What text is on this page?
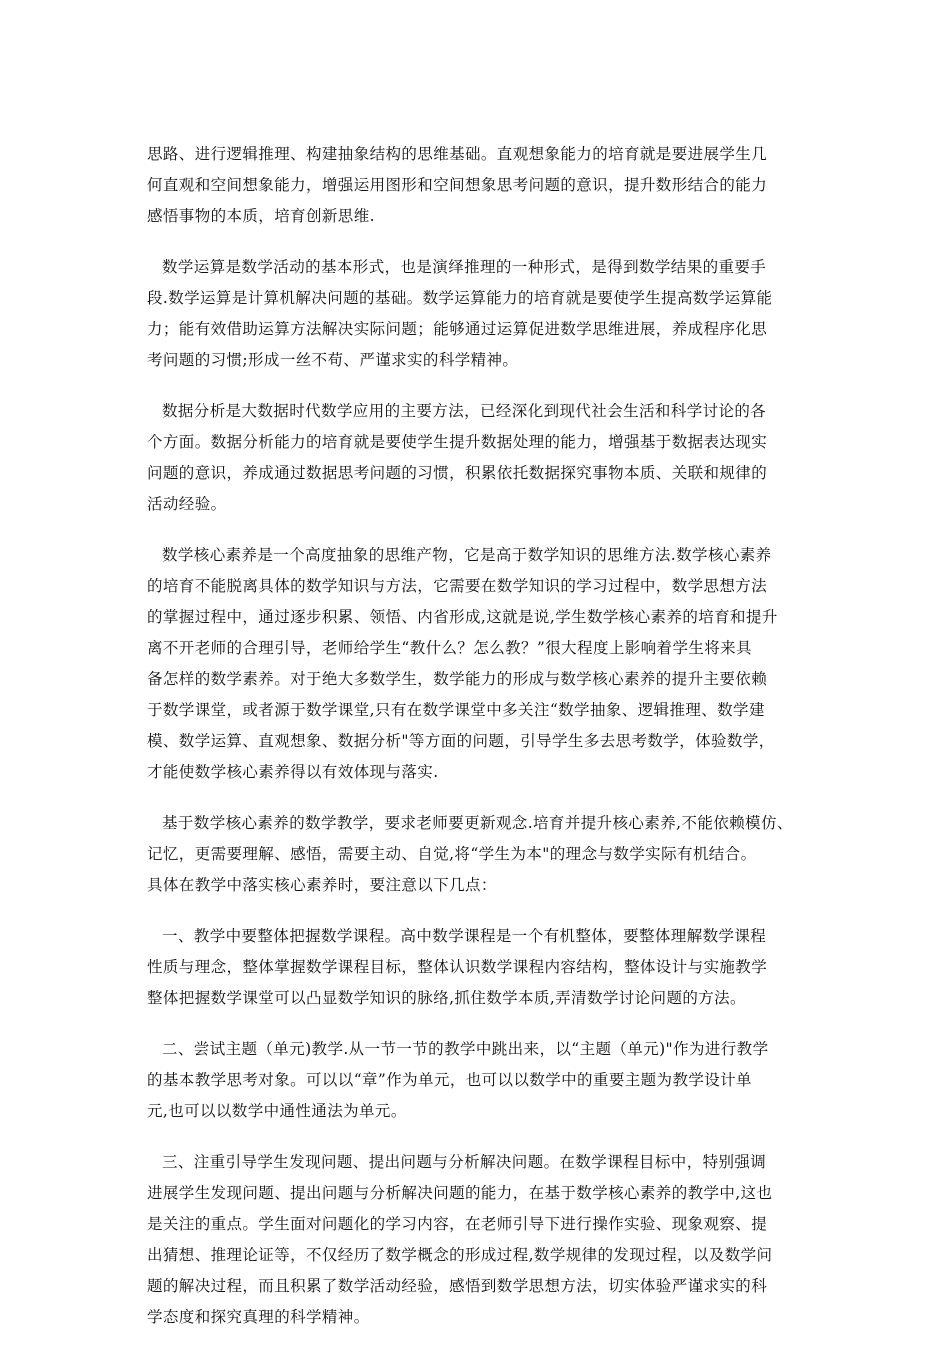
思路、进行逻辑推理、构建抽象结构的思维基础。直观想象能力的培育就是要进展学生几
何直观和空间想象能力，增强运用图形和空间想象思考问题的意识，提升数形结合的能力
感悟事物的本质，培育创新思维.

数学运算是数学活动的基本形式，也是演绎推理的一种形式，是得到数学结果的重要手
段.数学运算是计算机解决问题的基础。数学运算能力的培育就是要使学生提高数学运算能
力；能有效借助运算方法解决实际问题；能够通过运算促进数学思维进展，养成程序化思
考问题的习惯;形成一丝不苟、严谨求实的科学精神。

数据分析是大数据时代数学应用的主要方法，已经深化到现代社会生活和科学讨论的各
个方面。数据分析能力的培育就是要使学生提升数据处理的能力，增强基于数据表达现实
问题的意识，养成通过数据思考问题的习惯，积累依托数据探究事物本质、关联和规律的
活动经验。

数学核心素养是一个高度抽象的思维产物，它是高于数学知识的思维方法.数学核心素养
的培育不能脱离具体的数学知识与方法，它需要在数学知识的学习过程中，数学思想方法
的掌握过程中，通过逐步积累、领悟、内省形成,这就是说,学生数学核心素养的培育和提升
离不开老师的合理引导，老师给学生“教什么？怎么教？”很大程度上影响着学生将来具
备怎样的数学素养。对于绝大多数学生，数学能力的形成与数学核心素养的提升主要依赖
于数学课堂，或者源于数学课堂,只有在数学课堂中多关注“数学抽象、逻辑推理、数学建
模、数学运算、直观想象、数据分析"等方面的问题，引导学生多去思考数学，体验数学，
才能使数学核心素养得以有效体现与落实.

基于数学核心素养的数学教学，要求老师要更新观念.培育并提升核心素养,不能依赖模仿、
记忆，更需要理解、感悟，需要主动、自觉,将“学生为本"的理念与数学实际有机结合。
具体在教学中落实核心素养时，要注意以下几点：

一、教学中要整体把握数学课程。高中数学课程是一个有机整体，要整体理解数学课程
性质与理念，整体掌握数学课程目标，整体认识数学课程内容结构，整体设计与实施教学
整体把握数学课堂可以凸显数学知识的脉络,抓住数学本质,弄清数学讨论问题的方法。

二、尝试主题（单元)教学.从一节一节的教学中跳出来，以“主题（单元)"作为进行教学
的基本教学思考对象。可以以“章”作为单元，也可以以数学中的重要主题为教学设计单
元,也可以以数学中通性通法为单元。

三、注重引导学生发现问题、提出问题与分析解决问题。在数学课程目标中，特别强调
进展学生发现问题、提出问题与分析解决问题的能力，在基于数学核心素养的教学中,这也
是关注的重点。学生面对问题化的学习内容，在老师引导下进行操作实验、现象观察、提
出猜想、推理论证等，不仅经历了数学概念的形成过程,数学规律的发现过程，以及数学问
题的解决过程，而且积累了数学活动经验，感悟到数学思想方法，切实体验严谨求实的科
学态度和探究真理的科学精神。
